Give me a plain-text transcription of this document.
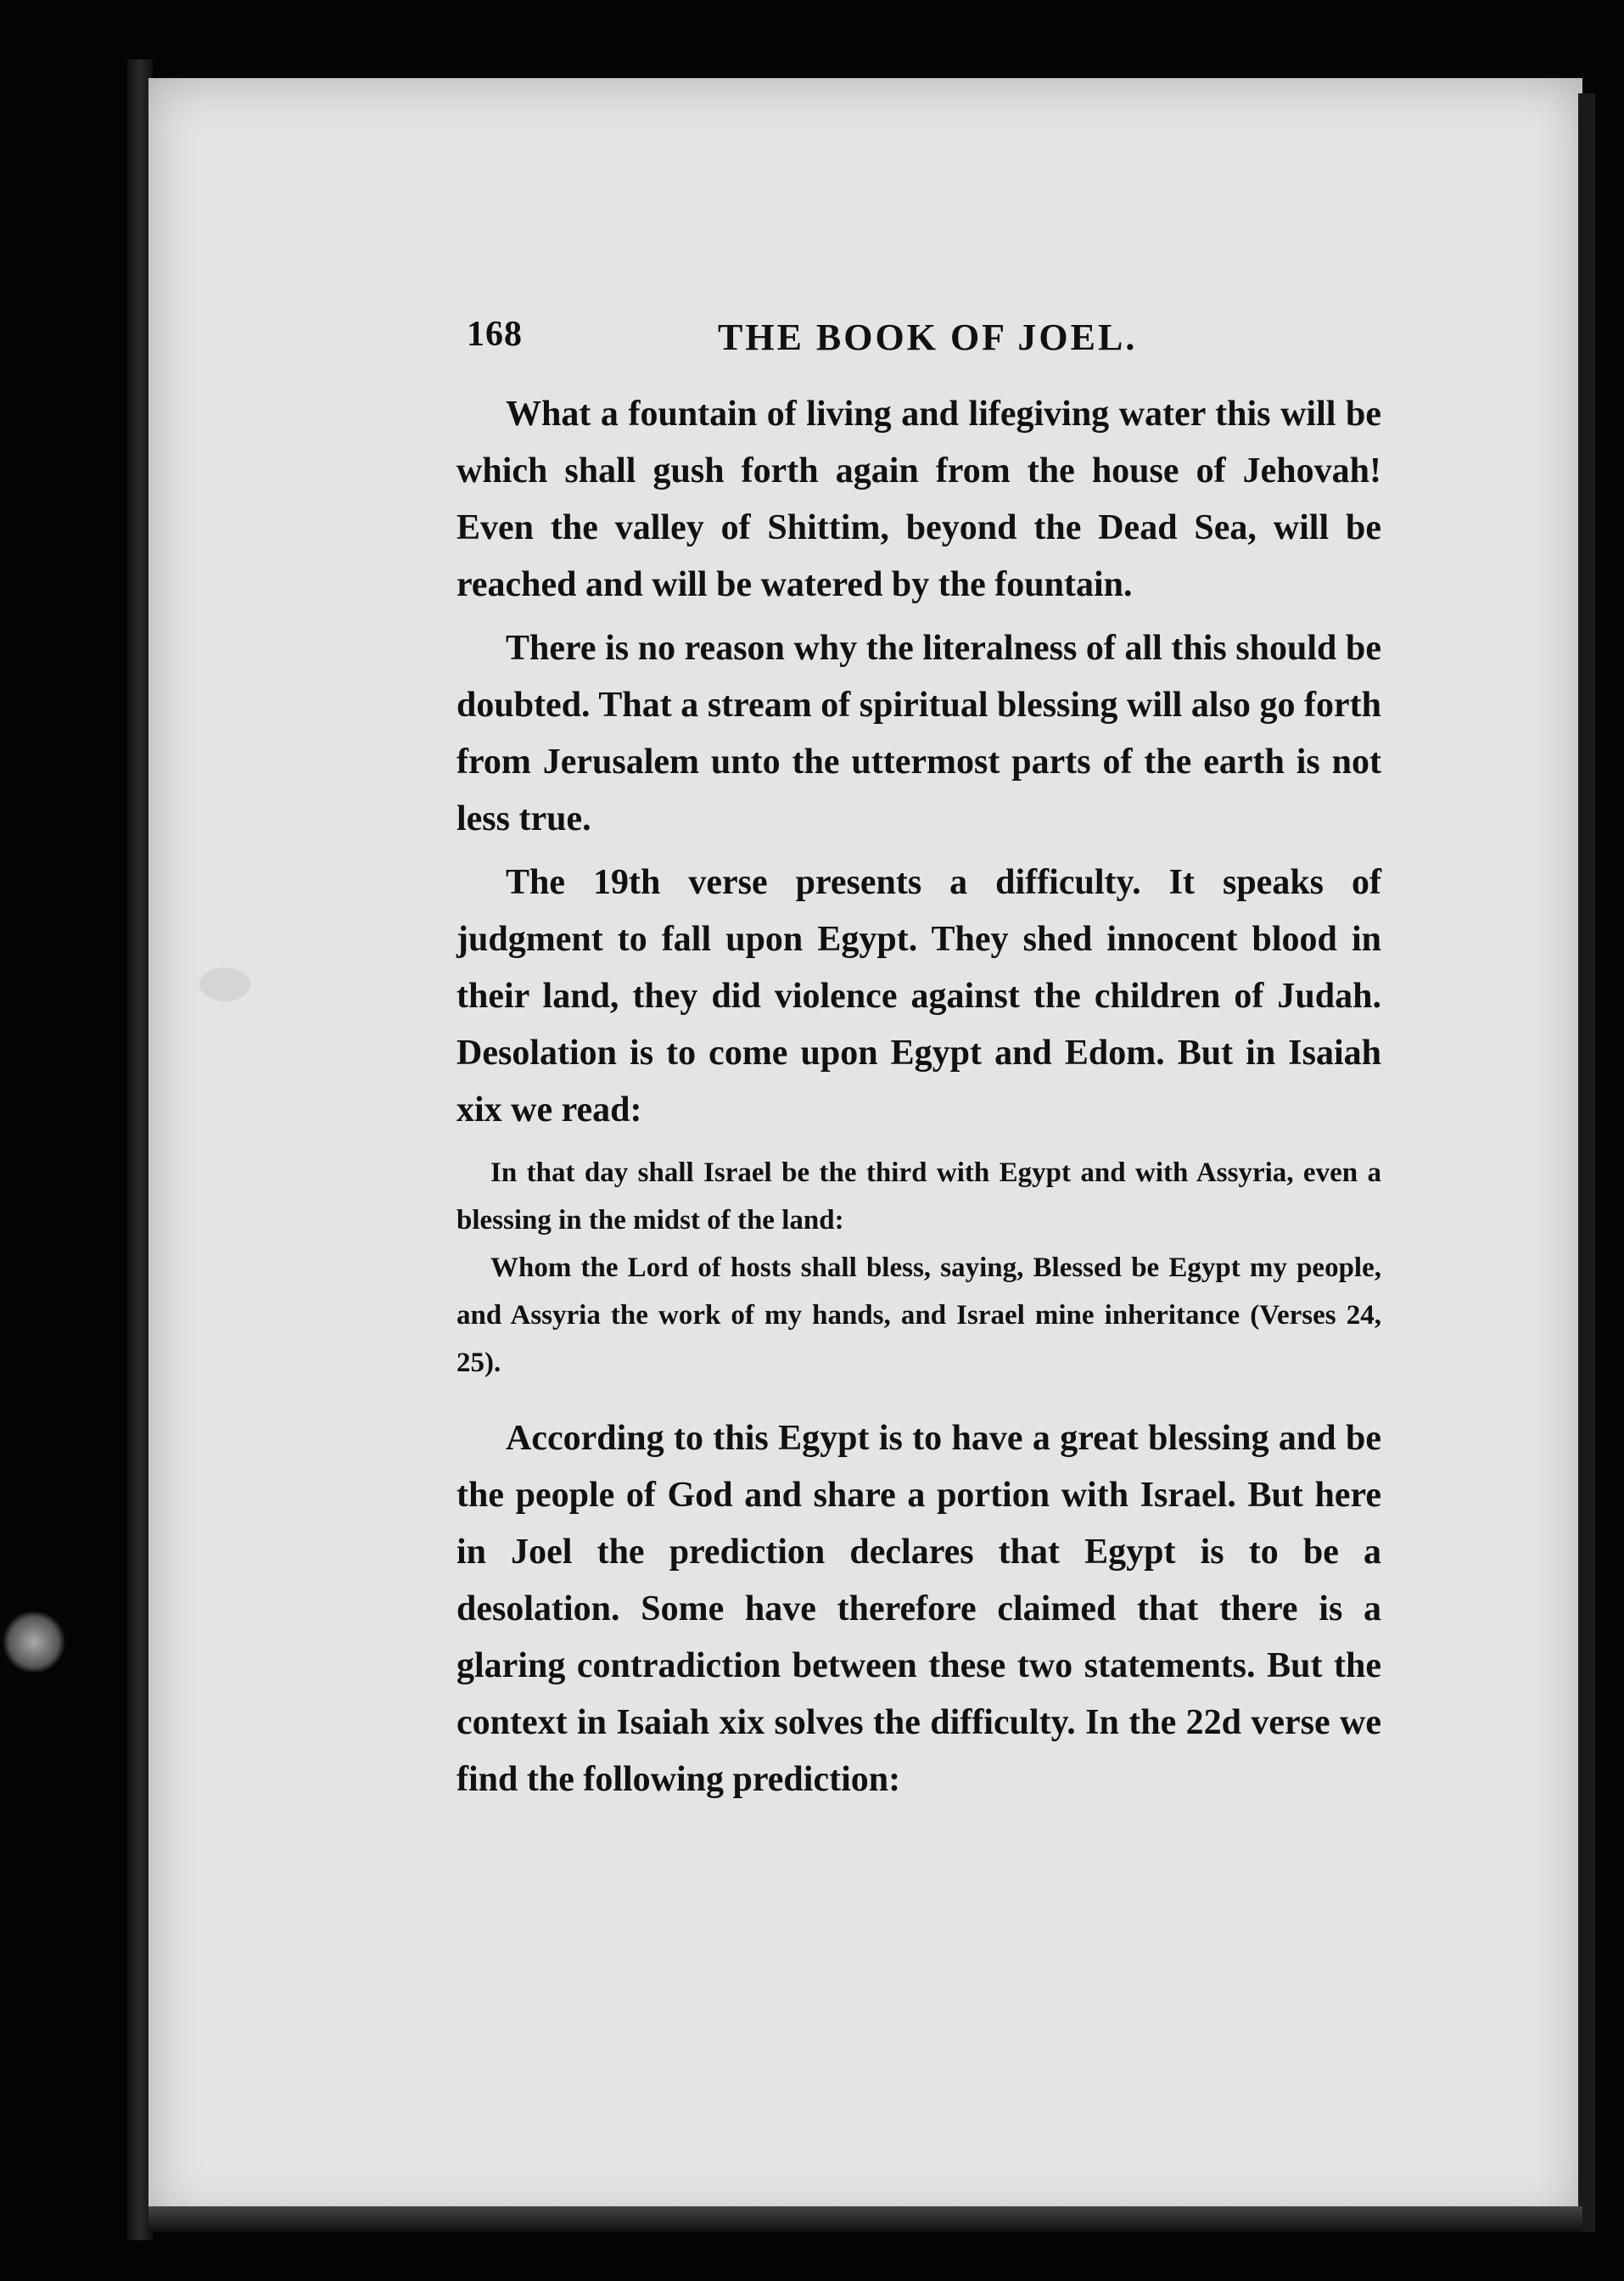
168	THE BOOK OF JOEL.

What a fountain of living and lifegiving water this will be which shall gush forth again from the house of Jehovah! Even the valley of Shittim, beyond the Dead Sea, will be reached and will be watered by the fountain.

There is no reason why the literalness of all this should be doubted. That a stream of spiritual blessing will also go forth from Jerusalem unto the uttermost parts of the earth is not less true.

The 19th verse presents a difficulty. It speaks of judgment to fall upon Egypt. They shed innocent blood in their land, they did violence against the children of Judah. Desolation is to come upon Egypt and Edom. But in Isaiah xix we read:

In that day shall Israel be the third with Egypt and with Assyria, even a blessing in the midst of the land:

Whom the Lord of hosts shall bless, saying, Blessed be Egypt my people, and Assyria the work of my hands, and Israel mine inheritance (Verses 24, 25).

According to this Egypt is to have a great blessing and be the people of God and share a portion with Israel. But here in Joel the prediction declares that Egypt is to be a desolation. Some have therefore claimed that there is a glaring contradiction between these two statements. But the context in Isaiah xix solves the difficulty. In the 22d verse we find the following prediction:
